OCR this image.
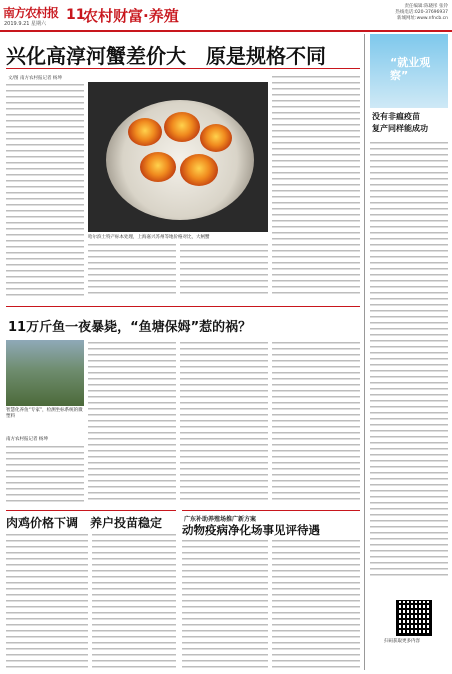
南方农村报
2019.9.21 星期六
11
农村财富·养殖
责任编辑:陈晓彤 张铃
热线电话:020-37696937
新城网址:www.nfncb.cn
兴化高淳河蟹差价大　原是规格不同
文/图 南方农村报记者 杨坤
哈尔滨土特产标本处理，上海嘉兴苏州等地价格对比，大闸蟹
11万斤鱼一夜暴毙，“鱼塘保姆”惹的祸？
智慧化养鱼“专家”，检测坐标系统的微塑料
南方农村报记者 杨坤
肉鸡价格下调　养户投苗稳定	广东补助养殖场推广新方案
动物疫病净化场事见评待遇
“就业观察”
没有非瘟疫苗
复产同样能成功
扫码获取更多内容
